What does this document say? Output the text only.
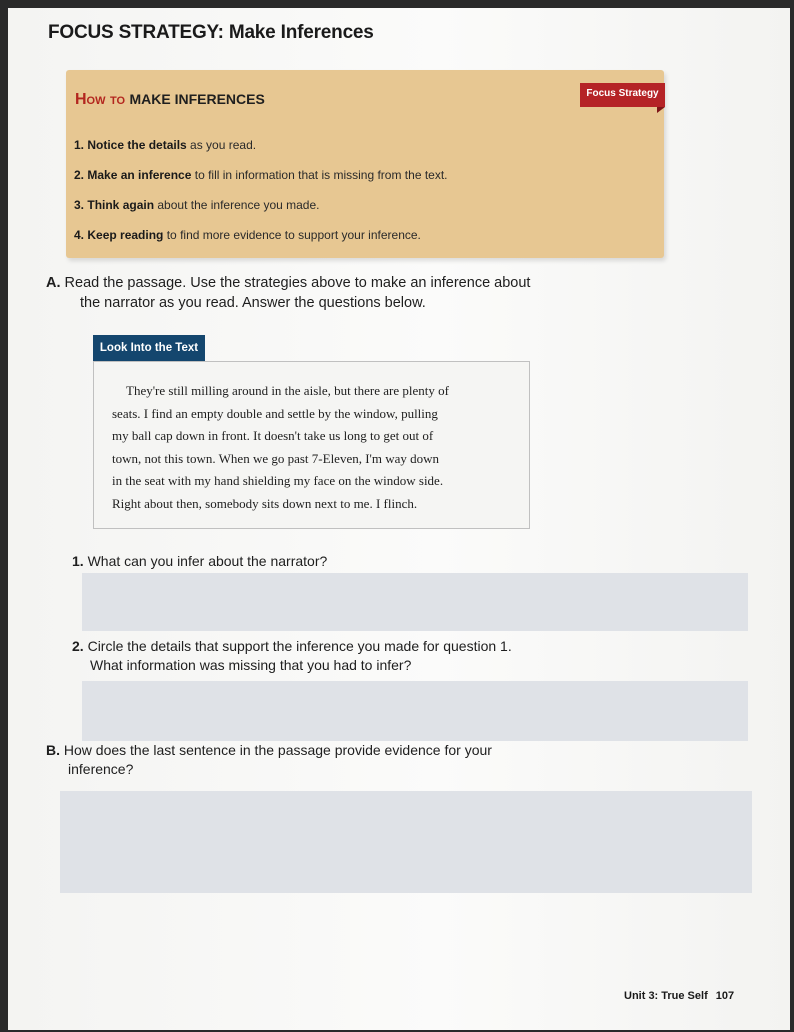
FOCUS STRATEGY: Make Inferences
How to MAKE INFERENCES	Focus Strategy
1. Notice the details as you read.
2. Make an inference to fill in information that is missing from the text.
3. Think again about the inference you made.
4. Keep reading to find more evidence to support your inference.
A. Read the passage. Use the strategies above to make an inference about
the narrator as you read. Answer the questions below.
Look Into the Text
They're still milling around in the aisle, but there are plenty of
seats. I find an empty double and settle by the window, pulling
my ball cap down in front. It doesn't take us long to get out of
town, not this town. When we go past 7-Eleven, I'm way down
in the seat with my hand shielding my face on the window side.
Right about then, somebody sits down next to me. I flinch.
1. What can you infer about the narrator?
2. Circle the details that support the inference you made for question 1.
What information was missing that you had to infer?
B. How does the last sentence in the passage provide evidence for your
inference?
Unit 3: True Self 107
